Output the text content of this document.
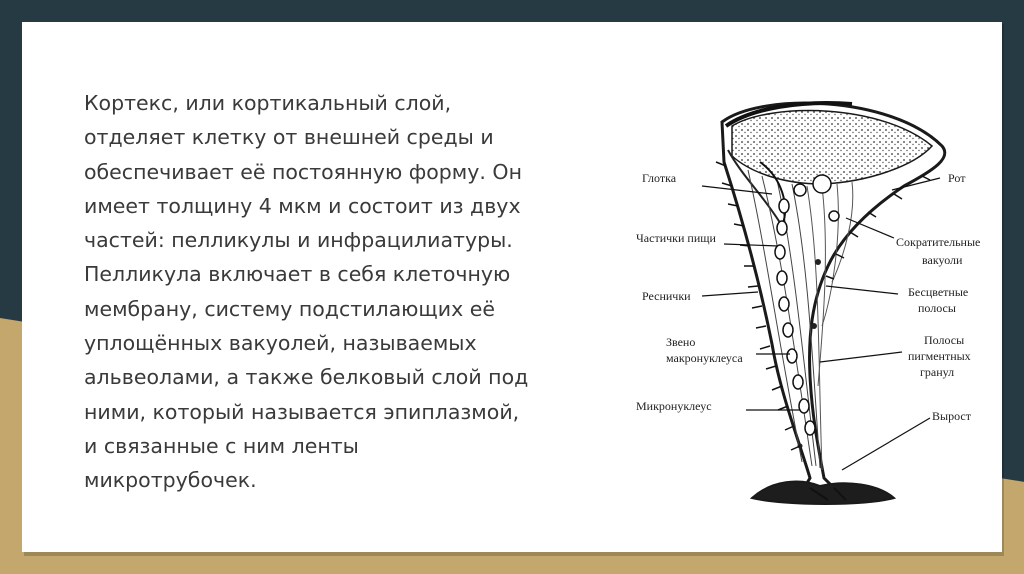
Кортекс, или кортикальный слой,
отделяет клетку от внешней среды и
обеспечивает её постоянную форму. Он
имеет толщину 4 мкм и состоит из двух
частей: пелликулы и инфрацилиатуры.
Пелликула включает в себя клеточную
мембрану, систему подстилающих её
уплощённых вакуолей, называемых
альвеолами, а также белковый слой под
ними, который называется эпиплазмой,
и связанные с ним ленты
микротрубочек.

Глотка
Частички пищи
Реснички
Звено
макронуклеуса
Микронуклеус
Рот
Сократительные
вакуоли
Бесцветные
полосы
Полосы
пигментных
гранул
Вырост
